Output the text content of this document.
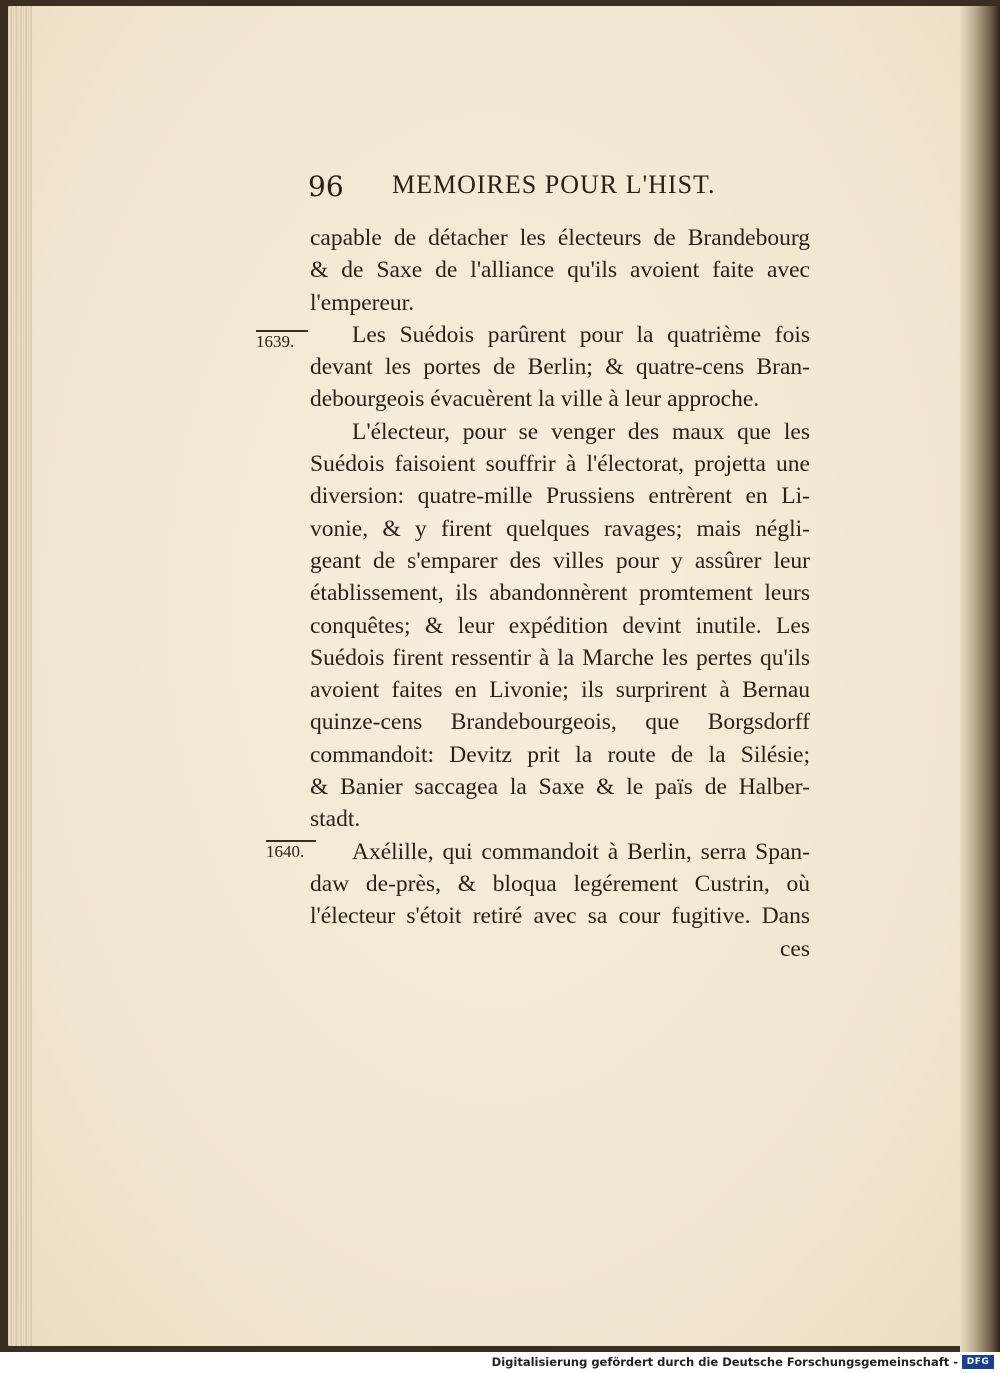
96 MEMOIRES POUR L'HIST.
1639.
1640.
capable de détacher les électeurs de Brandebourg
& de Saxe de l'alliance qu'ils avoient faite avec
l'empereur.
Les Suédois parûrent pour la quatrième fois
devant les portes de Berlin; & quatre-cens Bran-
debourgeois évacuèrent la ville à leur approche.
L'électeur, pour se venger des maux que les
Suédois faisoient souffrir à l'électorat, projetta une
diversion: quatre-mille Prussiens entrèrent en Li-
vonie, & y firent quelques ravages; mais négli-
geant de s'emparer des villes pour y assûrer leur
établissement, ils abandonnèrent promtement leurs
conquêtes; & leur expédition devint inutile. Les
Suédois firent ressentir à la Marche les pertes qu'ils
avoient faites en Livonie; ils surprirent à Bernau
quinze-cens Brandebourgeois, que Borgsdorff
commandoit: Devitz prit la route de la Silésie;
& Banier saccagea la Saxe & le païs de Halber-
stadt.
Axélille, qui commandoit à Berlin, serra Span-
daw de-près, & bloqua legérement Custrin, où
l'électeur s'étoit retiré avec sa cour fugitive. Dans
ces
Digitalisierung gefördert durch die Deutsche Forschungsgemeinschaft - DFG
